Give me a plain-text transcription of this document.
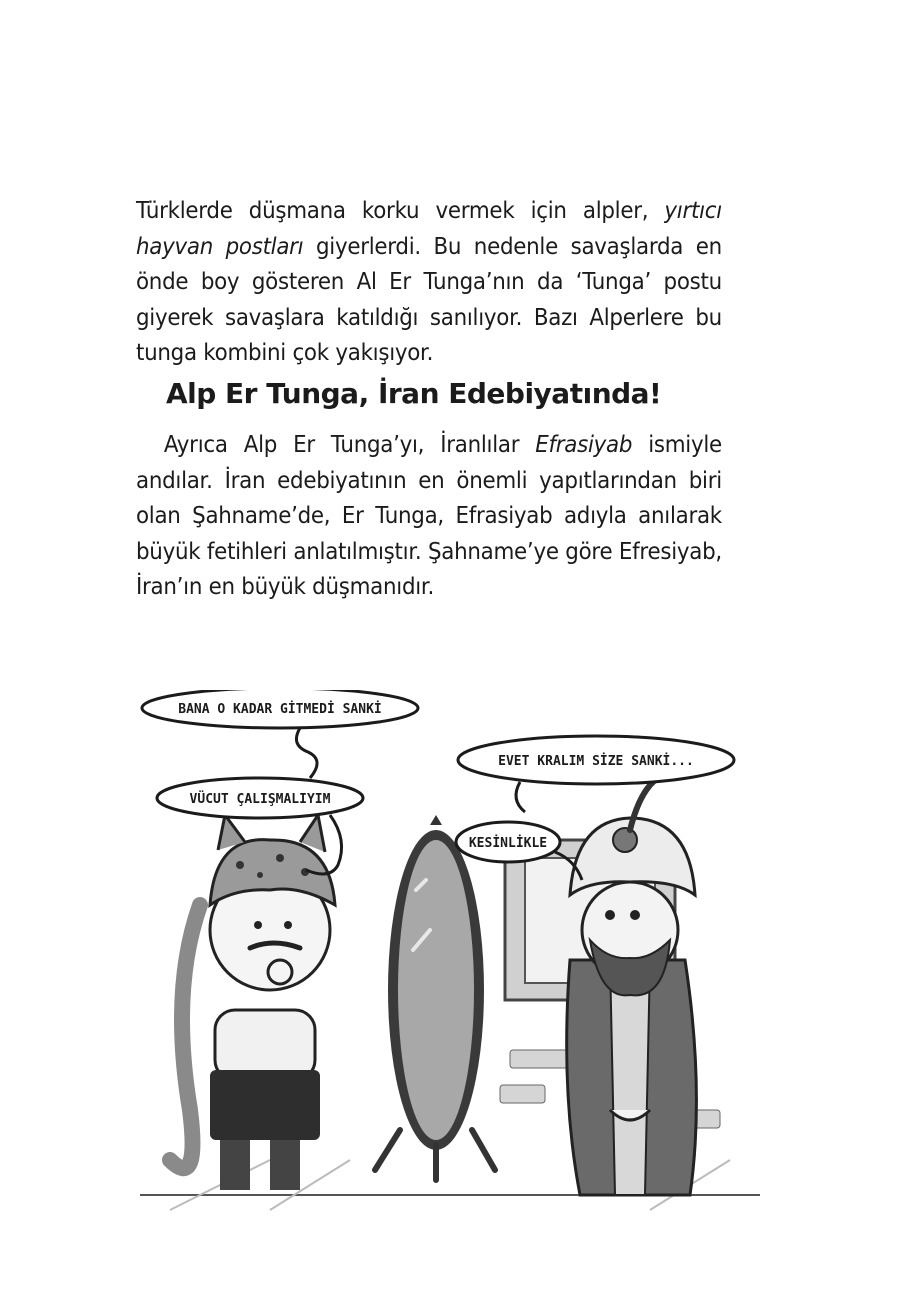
Türklerde düşmana korku vermek için alpler, yırtıcı hayvan postları giyerlerdi. Bu nedenle savaşlarda en önde boy gösteren Al Er Tunga’nın da ‘Tunga’ postu giyerek savaşlara katıldığı sanılıyor. Bazı Alperlere bu tunga kombini çok yakışıyor.

Alp Er Tunga, İran Edebiyatında!

Ayrıca Alp Er Tunga’yı, İranlılar Efrasiyab ismiyle andılar. İran edebiyatının en önemli yapıtlarından biri olan Şahname’de, Er Tunga, Efrasiyab adıyla anılarak büyük fetihleri anlatılmıştır. Şahname’ye göre Efresiyab, İran’ın en büyük düşmanıdır.

BANA O KADAR GİTMEDİ SANKİ
VÜCUT ÇALIŞMALIYIM
EVET KRALIM SİZE SANKİ...
KESİNLİKLE
